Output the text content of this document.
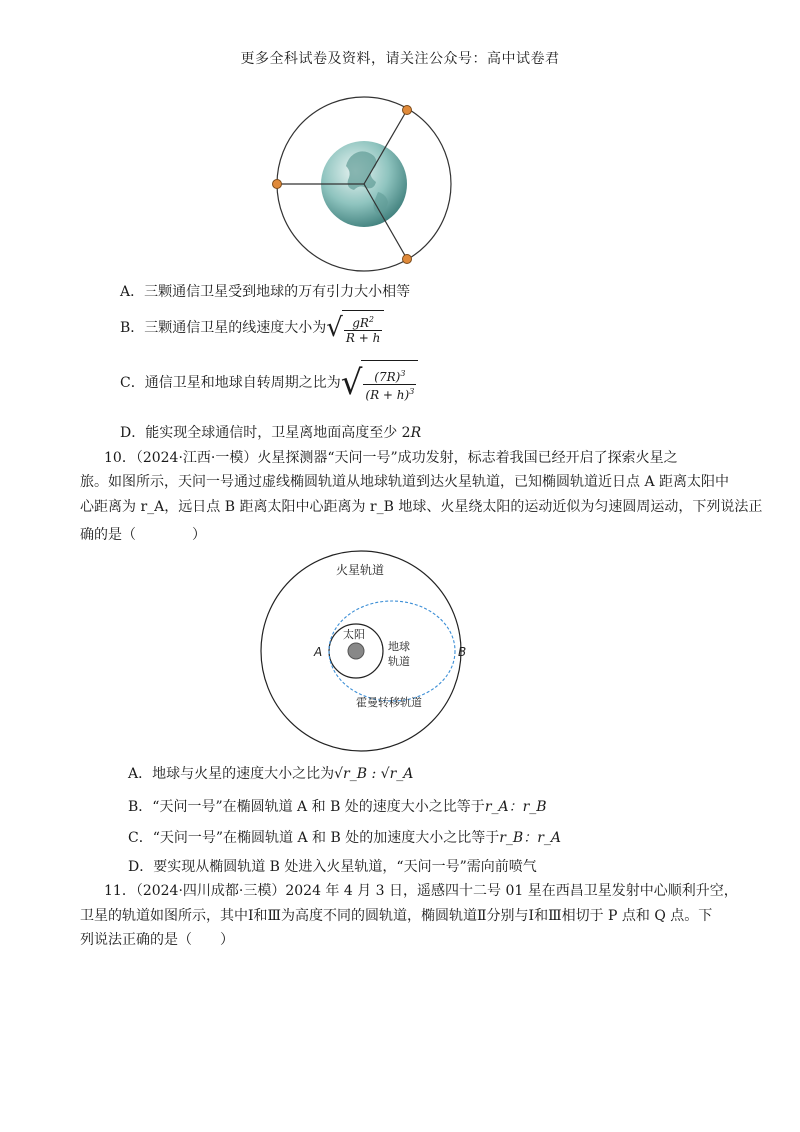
更多全科试卷及资料，请关注公众号：高中试卷君
A．三颗通信卫星受到地球的万有引力大小相等
B．三颗通信卫星的线速度大小为 √ $\frac{gR^2}{R + h}$
C．通信卫星和地球自转周期之比为 √ $\frac{(7R)^3}{(R + h)^3}$
D．能实现全球通信时，卫星离地面高度至少 2R
10．（2024·江西·一模）火星探测器“天问一号”成功发射，标志着我国已经开启了探索火星之
旅。如图所示，天问一号通过虚线椭圆轨道从地球轨道到达火星轨道，已知椭圆轨道近日点 A 距离太阳中
心距离为 r_A，远日点 B 距离太阳中心距离为 r_B 地球、火星绕太阳的运动近似为匀速圆周运动，下列说法正
确的是（　　　　）
火星轨道
太阳
地球
轨道
A	B
霍曼转移轨道
A．地球与火星的速度大小之比为√r_B : √r_A
B．“天问一号”在椭圆轨道 A 和 B 处的速度大小之比等于r_A：r_B
C．“天问一号”在椭圆轨道 A 和 B 处的加速度大小之比等于r_B：r_A
D．要实现从椭圆轨道 B 处进入火星轨道，“天问一号”需向前喷气
11．（2024·四川成都·三模）2024 年 4 月 3 日，遥感四十二号 01 星在西昌卫星发射中心顺利升空，
卫星的轨道如图所示，其中Ⅰ和Ⅲ为高度不同的圆轨道，椭圆轨道Ⅱ分别与Ⅰ和Ⅲ相切于 P 点和 Q 点。下
列说法正确的是（　　）
